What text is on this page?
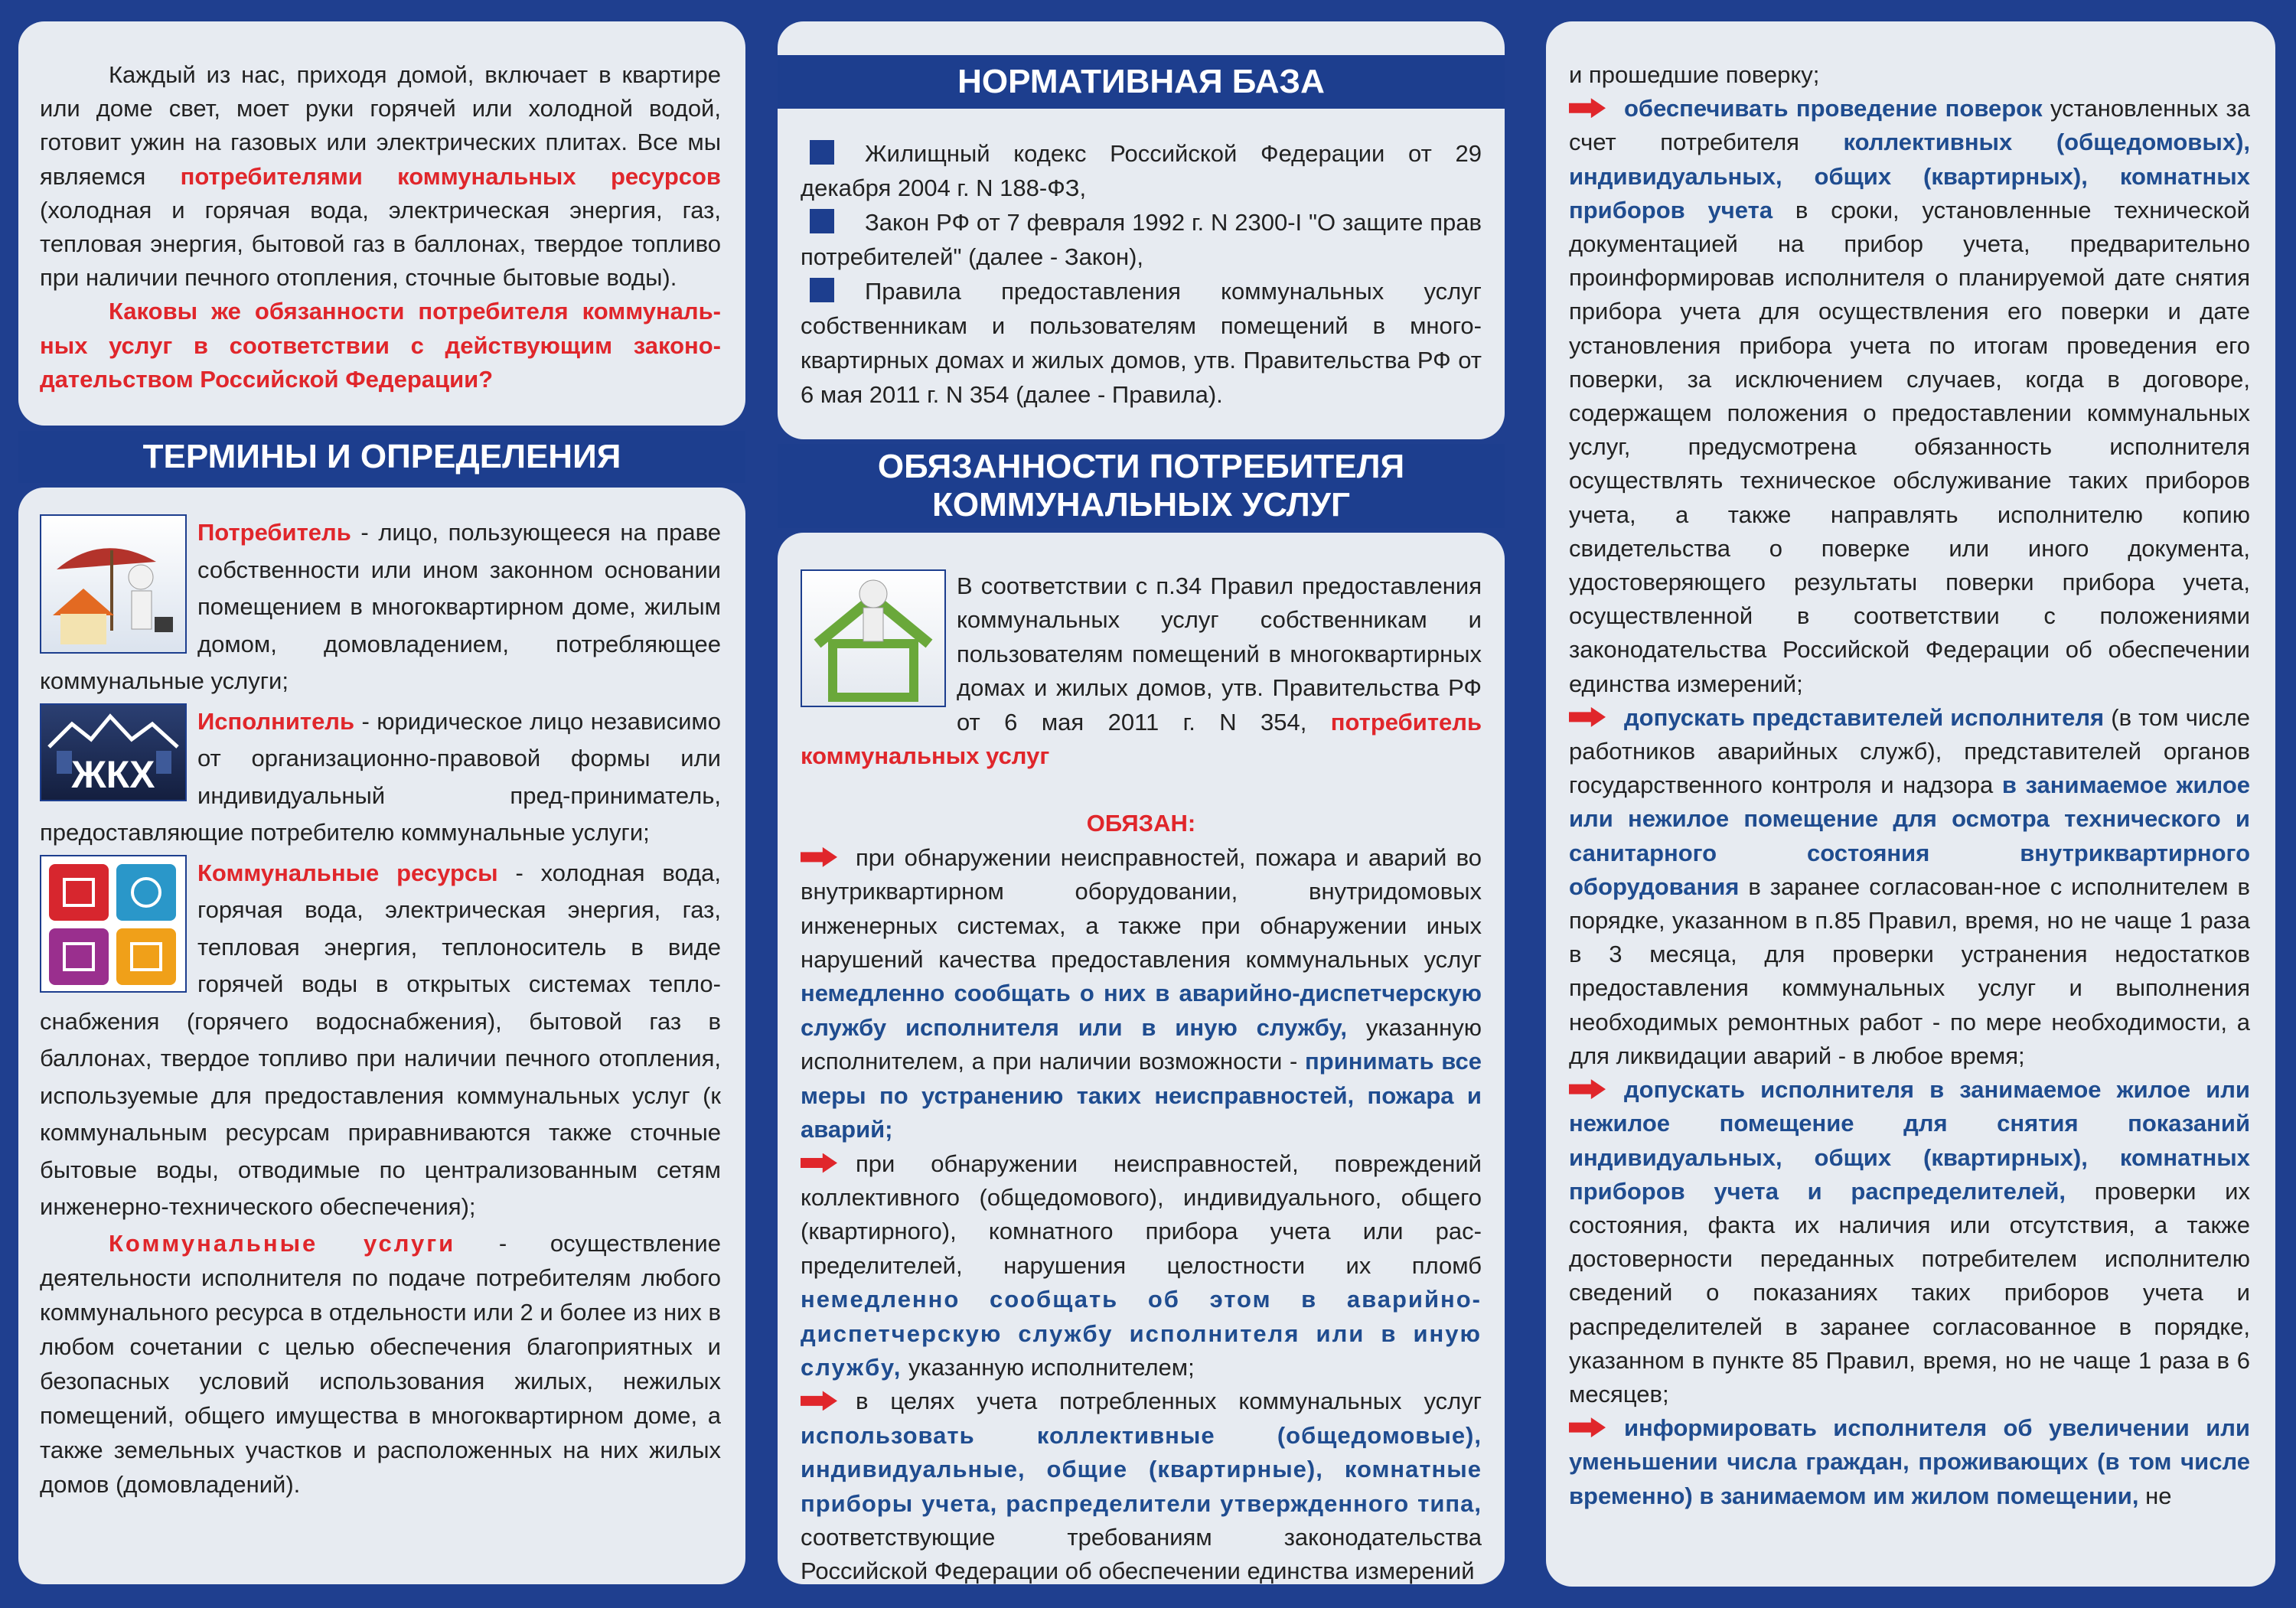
Каждый из нас, приходя домой, включает в квартире или доме свет, моет руки горячей или холодной водой, готовит ужин на газовых или электрических плитах. Все мы являемся потребителями коммунальных ресурсов (холодная и горячая вода, электрическая энергия, газ, тепловая энергия, бытовой газ в баллонах, твердое топливо при наличии печного отопления, сточные бытовые воды).

Каковы же обязанности потребителя коммуналь-ных услуг в соответствии с действующим законо-дательством Российской Федерации?

ТЕРМИНЫ И ОПРЕДЕЛЕНИЯ

Потребитель - лицо, пользующееся на праве собственности или ином законном основании помещением в многоквартирном доме, жилым домом, домовладением, потребляющее коммунальные услуги;

ЖКХ
Исполнитель - юридическое лицо независимо от организационно-правовой формы или индивидуальный пред-приниматель, предоставляющие потребителю коммунальные услуги;

Коммунальные ресурсы - холодная вода, горячая вода, электрическая энергия, газ, тепловая энергия, теплоноситель в виде горячей воды в открытых системах тепло-снабжения (горячего водоснабжения), бытовой газ в баллонах, твердое топливо при наличии печного отопления, используемые для предоставления коммунальных услуг (к коммунальным ресурсам приравниваются также сточные бытовые воды, отводимые по централизованным сетям инженерно-технического обеспечения);

Коммунальные услуги - осуществление деятельности исполнителя по подаче потребителям любого коммунального ресурса в отдельности или 2 и более из них в любом сочетании с целью обеспечения благоприятных и безопасных условий использования жилых, нежилых помещений, общего имущества в многоквартирном доме, а также земельных участков и расположенных на них жилых домов (домовладений).

НОРМАТИВНАЯ БАЗА

Жилищный кодекс Российской Федерации от 29 декабря 2004 г. N 188-ФЗ,

Закон РФ от 7 февраля 1992 г. N 2300-I "О защите прав потребителей" (далее - Закон),

Правила предоставления коммунальных услуг собственникам и пользователям помещений в много-квартирных домах и жилых домов, утв. Правительства РФ от 6 мая 2011 г. N 354 (далее - Правила).

ОБЯЗАННОСТИ ПОТРЕБИТЕЛЯ
КОММУНАЛЬНЫХ УСЛУГ

В соответствии с п.34 Правил предоставления коммунальных услуг собственникам и пользователям помещений в многоквартирных домах и жилых домов, утв. Правительства РФ от 6 мая 2011 г. N 354, потребитель коммунальных услуг

ОБЯЗАН:

при обнаружении неисправностей, пожара и аварий во внутриквартирном оборудовании, внутридомовых инженерных системах, а также при обнаружении иных нарушений качества предоставления коммунальных услуг немедленно сообщать о них в аварийно-диспетчерскую службу исполнителя или в иную службу, указанную исполнителем, а при наличии возможности - принимать все меры по устранению таких неисправностей, пожара и аварий;

при обнаружении неисправностей, повреждений коллективного (общедомового), индивидуального, общего (квартирного), комнатного прибора учета или рас-пределителей, нарушения целостности их пломб немедленно сообщать об этом в аварийно-диспетчерскую службу исполнителя или в иную службу, указанную исполнителем;

в целях учета потребленных коммунальных услуг использовать коллективные (общедомовые), индивидуальные, общие (квартирные), комнатные приборы учета, распределители утвержденного типа, соответствующие требованиям законодательства Российской Федерации об обеспечении единства измерений

и прошедшие поверку;

обеспечивать проведение поверок установленных за счет потребителя коллективных (общедомовых), индивидуальных, общих (квартирных), комнатных приборов учета в сроки, установленные технической документацией на прибор учета, предварительно проинформировав исполнителя о планируемой дате снятия прибора учета для осуществления его поверки и дате установления прибора учета по итогам проведения его поверки, за исключением случаев, когда в договоре, содержащем положения о предоставлении коммунальных услуг, предусмотрена обязанность исполнителя осуществлять техническое обслуживание таких приборов учета, а также направлять исполнителю копию свидетельства о поверке или иного документа, удостоверяющего результаты поверки прибора учета, осуществленной в соответствии с положениями законодательства Российской Федерации об обеспечении единства измерений;

допускать представителей исполнителя (в том числе работников аварийных служб), представителей органов государственного контроля и надзора в занимаемое жилое или нежилое помещение для осмотра технического и санитарного состояния внутриквартирного оборудования в заранее согласован-ное с исполнителем в порядке, указанном в п.85 Правил, время, но не чаще 1 раза в 3 месяца, для проверки устранения недостатков предоставления коммунальных услуг и выполнения необходимых ремонтных работ - по мере необходимости, а для ликвидации аварий - в любое время;

допускать исполнителя в занимаемое жилое или нежилое помещение для снятия показаний индивидуальных, общих (квартирных), комнатных приборов учета и распределителей, проверки их состояния, факта их наличия или отсутствия, а также достоверности переданных потребителем исполнителю сведений о показаниях таких приборов учета и распределителей в заранее согласованное в порядке, указанном в пункте 85 Правил, время, но не чаще 1 раза в 6 месяцев;

информировать исполнителя об увеличении или уменьшении числа граждан, проживающих (в том числе временно) в занимаемом им жилом помещении, не
